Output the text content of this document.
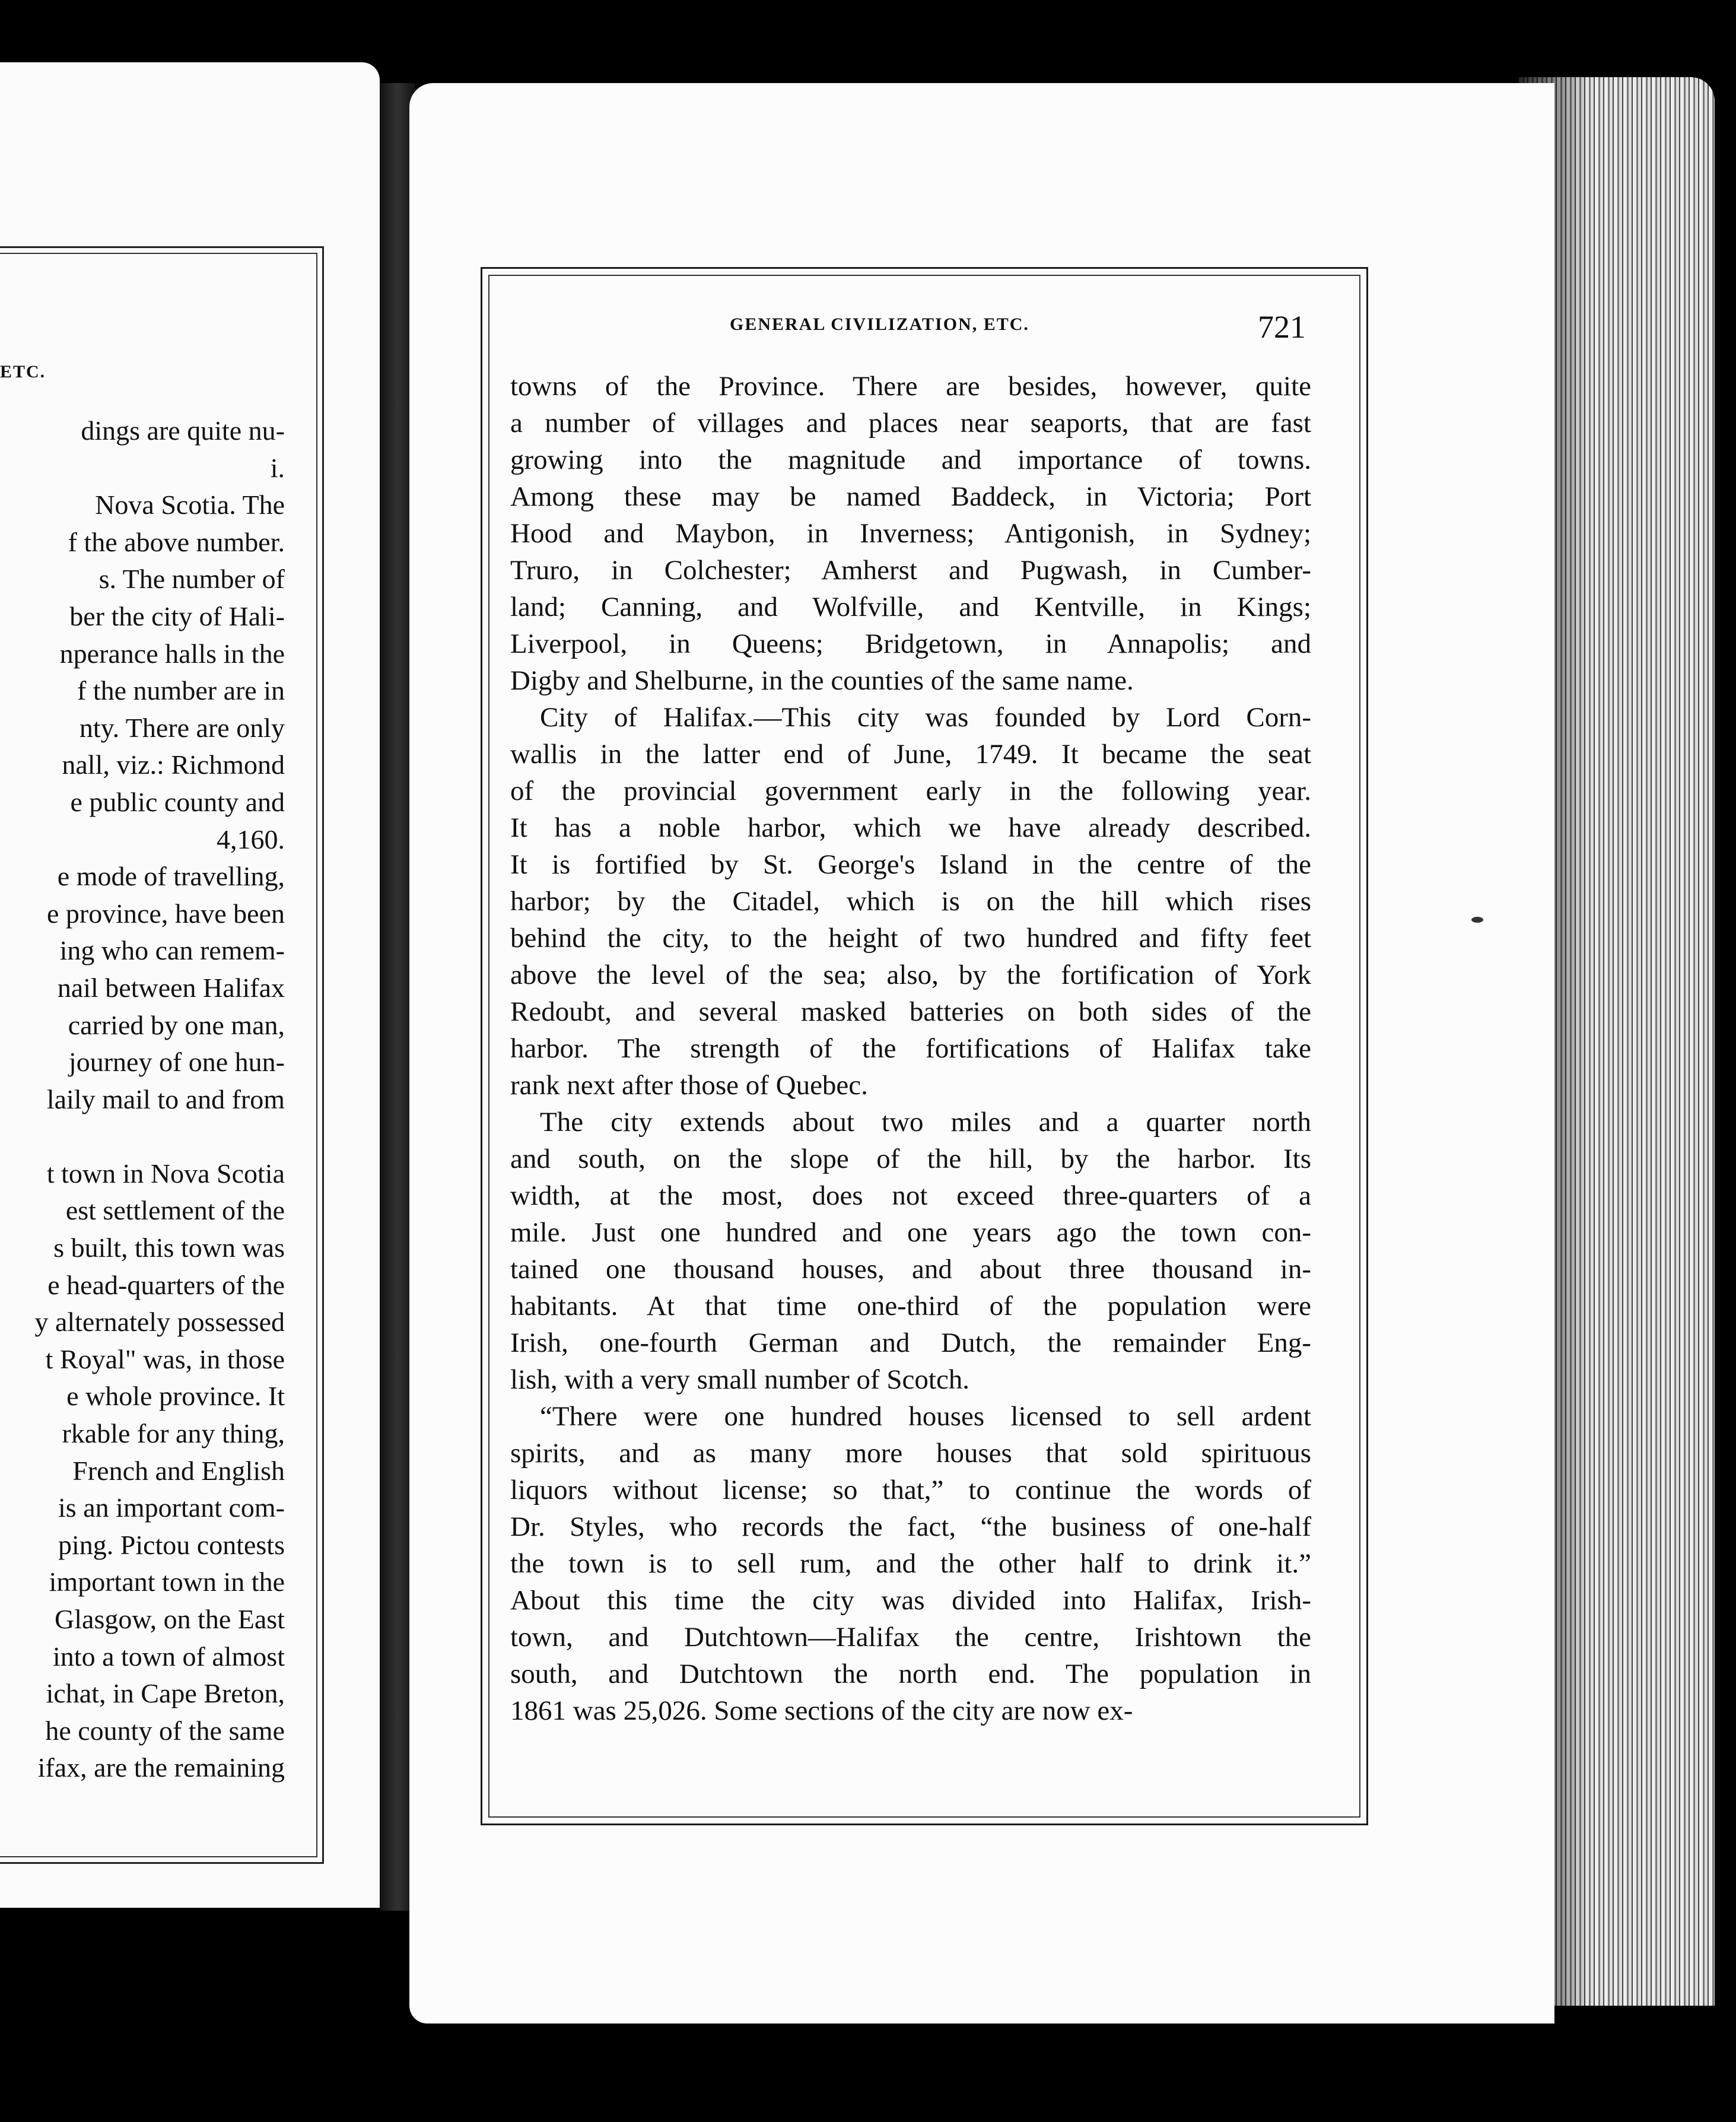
ETC.
dings are quite nu-
i.
Nova Scotia. The
f the above number.
s. The number of
ber the city of Hali-
nperance halls in the
f the number are in
nty. There are only
nall, viz.: Richmond
e public county and
4,160.
e mode of travelling,
e province, have been
ing who can remem-
nail between Halifax
carried by one man,
journey of one hun-
laily mail to and from

t town in Nova Scotia
est settlement of the
s built, this town was
e head-quarters of the
y alternately possessed
t Royal" was, in those
e whole province. It
rkable for any thing,
French and English
is an important com-
ping. Pictou contests
important town in the
Glasgow, on the East
into a town of almost
ichat, in Cape Breton,
he county of the same
ifax, are the remaining
GENERAL CIVILIZATION, ETC.	721
towns of the Province. There are besides, however, quite
a number of villages and places near seaports, that are fast
growing into the magnitude and importance of towns.
Among these may be named Baddeck, in Victoria; Port
Hood and Maybon, in Inverness; Antigonish, in Sydney;
Truro, in Colchester; Amherst and Pugwash, in Cumber-
land; Canning, and Wolfville, and Kentville, in Kings;
Liverpool, in Queens; Bridgetown, in Annapolis; and
Digby and Shelburne, in the counties of the same name.
City of Halifax.—This city was founded by Lord Corn-
wallis in the latter end of June, 1749. It became the seat
of the provincial government early in the following year.
It has a noble harbor, which we have already described.
It is fortified by St. George's Island in the centre of the
harbor; by the Citadel, which is on the hill which rises
behind the city, to the height of two hundred and fifty feet
above the level of the sea; also, by the fortification of York
Redoubt, and several masked batteries on both sides of the
harbor. The strength of the fortifications of Halifax take
rank next after those of Quebec.
The city extends about two miles and a quarter north
and south, on the slope of the hill, by the harbor. Its
width, at the most, does not exceed three-quarters of a
mile. Just one hundred and one years ago the town con-
tained one thousand houses, and about three thousand in-
habitants. At that time one-third of the population were
Irish, one-fourth German and Dutch, the remainder Eng-
lish, with a very small number of Scotch.
“There were one hundred houses licensed to sell ardent
spirits, and as many more houses that sold spirituous
liquors without license; so that,” to continue the words of
Dr. Styles, who records the fact, “the business of one-half
the town is to sell rum, and the other half to drink it.”
About this time the city was divided into Halifax, Irish-
town, and Dutchtown—Halifax the centre, Irishtown the
south, and Dutchtown the north end. The population in
1861 was 25,026. Some sections of the city are now ex-
